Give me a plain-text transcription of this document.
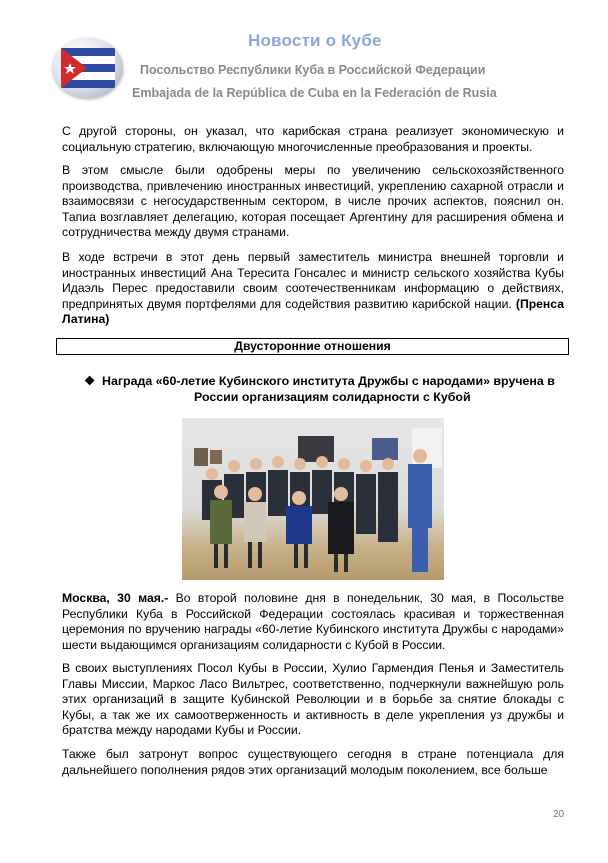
Новости о Кубе
Посольство Республики Куба в Российской Федерации
Embajada de la República de Cuba en la Federación de Rusia

С другой стороны, он указал, что карибская страна реализует экономическую и социальную стратегию, включающую многочисленные преобразования и проекты.

В этом смысле были одобрены меры по увеличению сельскохозяйственного производства, привлечению иностранных инвестиций, укреплению сахарной отрасли и взаимосвязи с негосударственным сектором, в числе прочих аспектов, пояснил он. Тапиа возглавляет делегацию, которая посещает Аргентину для расширения обмена и сотрудничества между двумя странами.

В ходе встречи в этот день первый заместитель министра внешней торговли и иностранных инвестиций Ана Тересита Гонсалес и министр сельского хозяйства Кубы Идаэль Перес предоставили своим соотечественникам информацию о действиях, предпринятых двумя портфелями для содействия развитию карибской нации. (Пренса Латина)

Двусторонние отношения
❖ Награда «60-летие Кубинского института Дружбы с народами» вручена в
России организациям солидарности с Кубой

Москва, 30 мая.- Во второй половине дня в понедельник, 30 мая, в Посольстве Республики Куба в Российской Федерации состоялась красивая и торжественная церемония по вручению награды «60-летие Кубинского института Дружбы с народами» шести выдающимся организациям солидарности с Кубой в России.

В своих выступлениях Посол Кубы в России, Хулио Гармендия Пенья и Заместитель Главы Миссии, Маркос Ласо Вильтрес, соответственно, подчеркнули важнейшую роль этих организаций в защите Кубинской Революции и в борьбе за снятие блокады с Кубы, а так же их самоотверженность и активность в деле укрепления уз дружбы и братства между народами Кубы и России.

Также был затронут вопрос существующего сегодня в стране потенциала для дальнейшего пополнения рядов этих организаций молодым поколением, все больше

20
